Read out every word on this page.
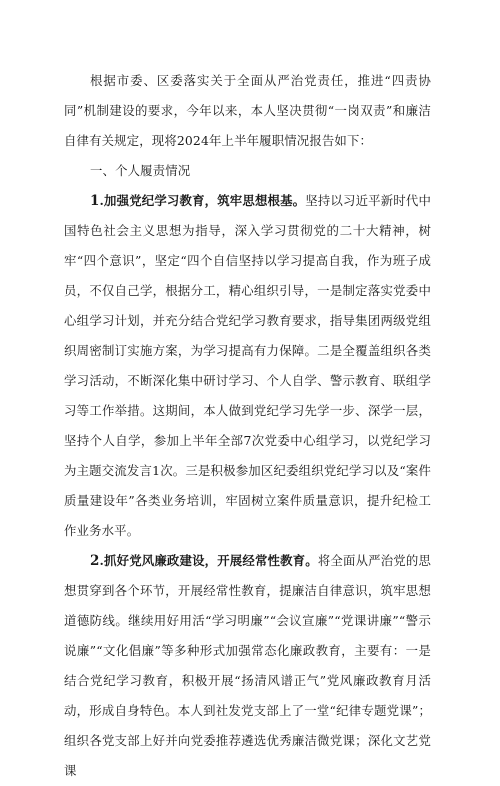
根据市委、区委落实关于全面从严治党责任，推进“四责协同”机制建设的要求，今年以来，本人坚决贯彻“一岗双责”和廉洁自律有关规定，现将2024年上半年履职情况报告如下：

一、个人履责情况

1.加强党纪学习教育，筑牢思想根基。坚持以习近平新时代中国特色社会主义思想为指导，深入学习贯彻党的二十大精神，树牢“四个意识”，坚定“四个自信坚持以学习提高自我，作为班子成员，不仅自己学，根据分工，精心组织引导，一是制定落实党委中心组学习计划，并充分结合党纪学习教育要求，指导集团两级党组织周密制订实施方案，为学习提高有力保障。二是全覆盖组织各类学习活动，不断深化集中研讨学习、个人自学、警示教育、联组学习等工作举措。这期间，本人做到党纪学习先学一步、深学一层，坚持个人自学，参加上半年全部7次党委中心组学习，以党纪学习为主题交流发言1次。三是积极参加区纪委组织党纪学习以及“案件质量建设年”各类业务培训，牢固树立案件质量意识，提升纪检工作业务水平。

2.抓好党风廉政建设，开展经常性教育。将全面从严治党的思想贯穿到各个环节，开展经常性教育，提廉洁自律意识，筑牢思想道德防线。继续用好用活“学习明廉”“会议宣廉”“党课讲廉”“警示说廉”“文化倡廉”等多种形式加强常态化廉政教育，主要有：一是结合党纪学习教育，积极开展“扬清风谱正气”党风廉政教育月活动，形成自身特色。本人到社发党支部上了一堂“纪律专题党课”；组织各党支部上好并向党委推荐遴选优秀廉洁微党课；深化文艺党课
